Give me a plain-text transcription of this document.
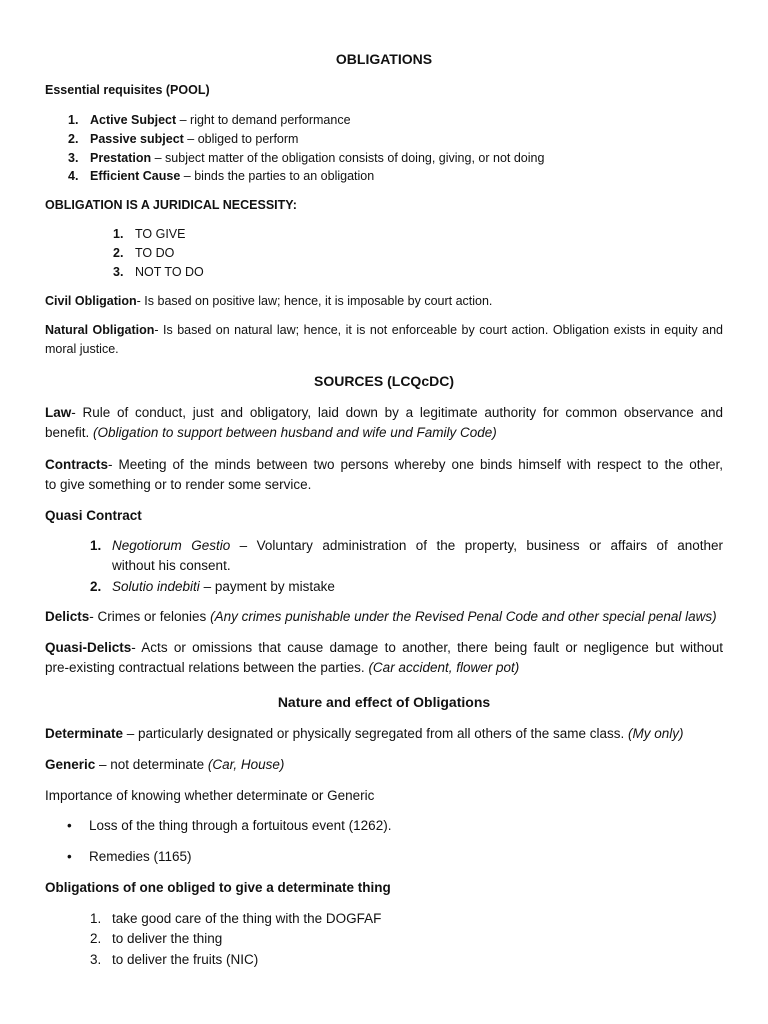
OBLIGATIONS

Essential requisites (POOL)

1. Active Subject – right to demand performance

2. Passive subject – obliged to perform

3. Prestation – subject matter of the obligation consists of doing, giving, or not doing

4. Efficient Cause – binds the parties to an obligation

OBLIGATION IS A JURIDICAL NECESSITY:

1. TO GIVE

2. TO DO

3. NOT TO DO

Civil Obligation- Is based on positive law; hence, it is imposable by court action.

Natural Obligation- Is based on natural law; hence, it is not enforceable by court action. Obligation exists in equity and

moral justice.

SOURCES (LCQcDC)

Law- Rule of conduct, just and obligatory, laid down by a legitimate authority for common observance and

benefit. (Obligation to support between husband and wife und Family Code)

Contracts- Meeting of the minds between two persons whereby one binds himself with respect to the other,

to give something or to render some service.

Quasi Contract

1. Negotiorum Gestio – Voluntary administration of the property, business or affairs of another

without his consent.

2. Solutio indebiti – payment by mistake

Delicts- Crimes or felonies (Any crimes punishable under the Revised Penal Code and other special penal laws)

Quasi-Delicts- Acts or omissions that cause damage to another, there being fault or negligence but without

pre-existing contractual relations between the parties. (Car accident, flower pot)

Nature and effect of Obligations

Determinate – particularly designated or physically segregated from all others of the same class. (My only)

Generic – not determinate (Car, House)

Importance of knowing whether determinate or Generic

• Loss of the thing through a fortuitous event (1262).

• Remedies (1165)

Obligations of one obliged to give a determinate thing

1. take good care of the thing with the DOGFAF

2. to deliver the thing

3. to deliver the fruits (NIC)
